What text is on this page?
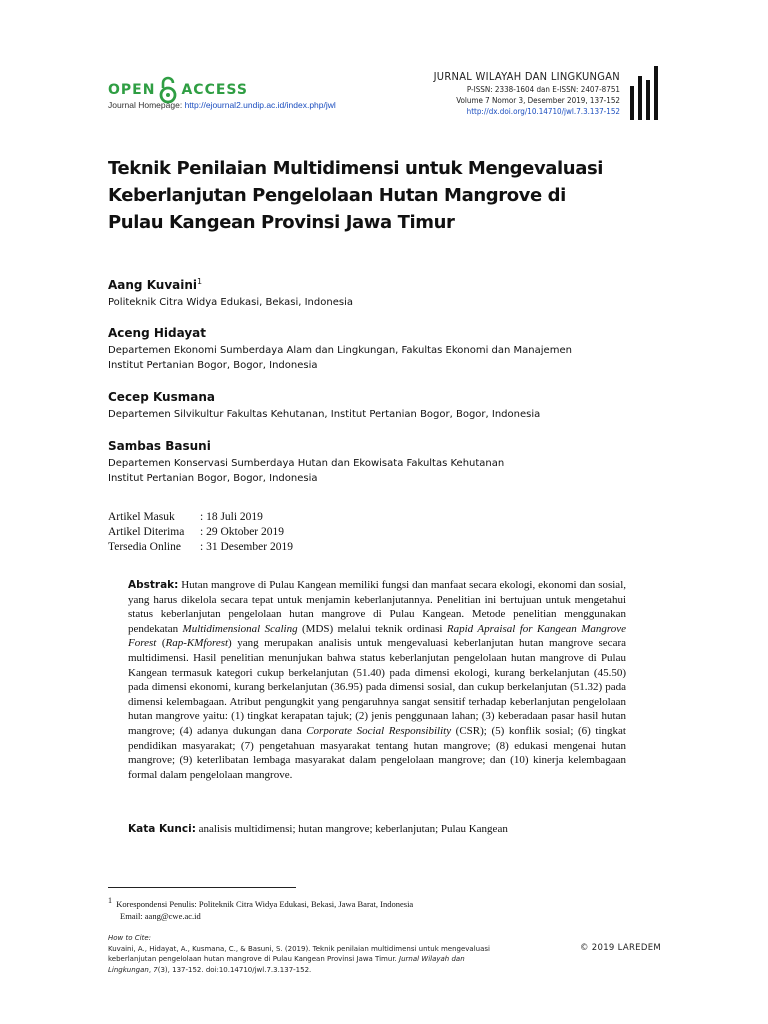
OPEN ACCESS
Journal Homepage: http://ejournal2.undip.ac.id/index.php/jwl
JURNAL WILAYAH DAN LINGKUNGAN
P-ISSN: 2338-1604 dan E-ISSN: 2407-8751
Volume 7 Nomor 3, Desember 2019, 137-152
http://dx.doi.org/10.14710/jwl.7.3.137-152
Teknik Penilaian Multidimensi untuk Mengevaluasi
Keberlanjutan Pengelolaan Hutan Mangrove di
Pulau Kangean Provinsi Jawa Timur
Aang Kuvaini$^1$
Politeknik Citra Widya Edukasi, Bekasi, Indonesia
Aceng Hidayat
Departemen Ekonomi Sumberdaya Alam dan Lingkungan, Fakultas Ekonomi dan Manajemen
Institut Pertanian Bogor, Bogor, Indonesia
Cecep Kusmana
Departemen Silvikultur Fakultas Kehutanan, Institut Pertanian Bogor, Bogor, Indonesia
Sambas Basuni
Departemen Konservasi Sumberdaya Hutan dan Ekowisata Fakultas Kehutanan
Institut Pertanian Bogor, Bogor, Indonesia
Artikel Masuk : 18 Juli 2019
Artikel Diterima : 29 Oktober 2019
Tersedia Online : 31 Desember 2019
Abstrak: Hutan mangrove di Pulau Kangean memiliki fungsi dan manfaat secara ekologi, ekonomi dan sosial, yang harus dikelola secara tepat untuk menjamin keberlanjutannya. Penelitian ini bertujuan untuk mengetahui status keberlanjutan pengelolaan hutan mangrove di Pulau Kangean. Metode penelitian menggunakan pendekatan Multidimensional Scaling (MDS) melalui teknik ordinasi Rapid Apraisal for Kangean Mangrove Forest (Rap-KMforest) yang merupakan analisis untuk mengevaluasi keberlanjutan hutan mangrove secara multidimensi. Hasil penelitian menunjukan bahwa status keberlanjutan pengelolaan hutan mangrove di Pulau Kangean termasuk kategori cukup berkelanjutan (51.40) pada dimensi ekologi, kurang berkelanjutan (45.50) pada dimensi ekonomi, kurang berkelanjutan (36.95) pada dimensi sosial, dan cukup berkelanjutan (51.32) pada dimensi kelembagaan. Atribut pengungkit yang pengaruhnya sangat sensitif terhadap keberlanjutan pengelolaan hutan mangrove yaitu: (1) tingkat kerapatan tajuk; (2) jenis penggunaan lahan; (3) keberadaan pasar hasil hutan mangrove; (4) adanya dukungan dana Corporate Social Responsibility (CSR); (5) konflik sosial; (6) tingkat pendidikan masyarakat; (7) pengetahuan masyarakat tentang hutan mangrove; (8) edukasi mengenai hutan mangrove; (9) keterlibatan lembaga masyarakat dalam pengelolaan mangrove; dan (10) kinerja kelembagaan formal dalam pengelolaan mangrove.
Kata Kunci: analisis multidimensi; hutan mangrove; keberlanjutan; Pulau Kangean
$^1$ Korespondensi Penulis: Politeknik Citra Widya Edukasi, Bekasi, Jawa Barat, Indonesia
Email: aang@cwe.ac.id
How to Cite:
Kuvaini, A., Hidayat, A., Kusmana, C., & Basuni, S. (2019). Teknik penilaian multidimensi untuk mengevaluasi keberlanjutan pengelolaan hutan mangrove di Pulau Kangean Provinsi Jawa Timur. Jurnal Wilayah dan Lingkungan, 7(3), 137-152. doi:10.14710/jwl.7.3.137-152.
© 2019 LAREDEM
